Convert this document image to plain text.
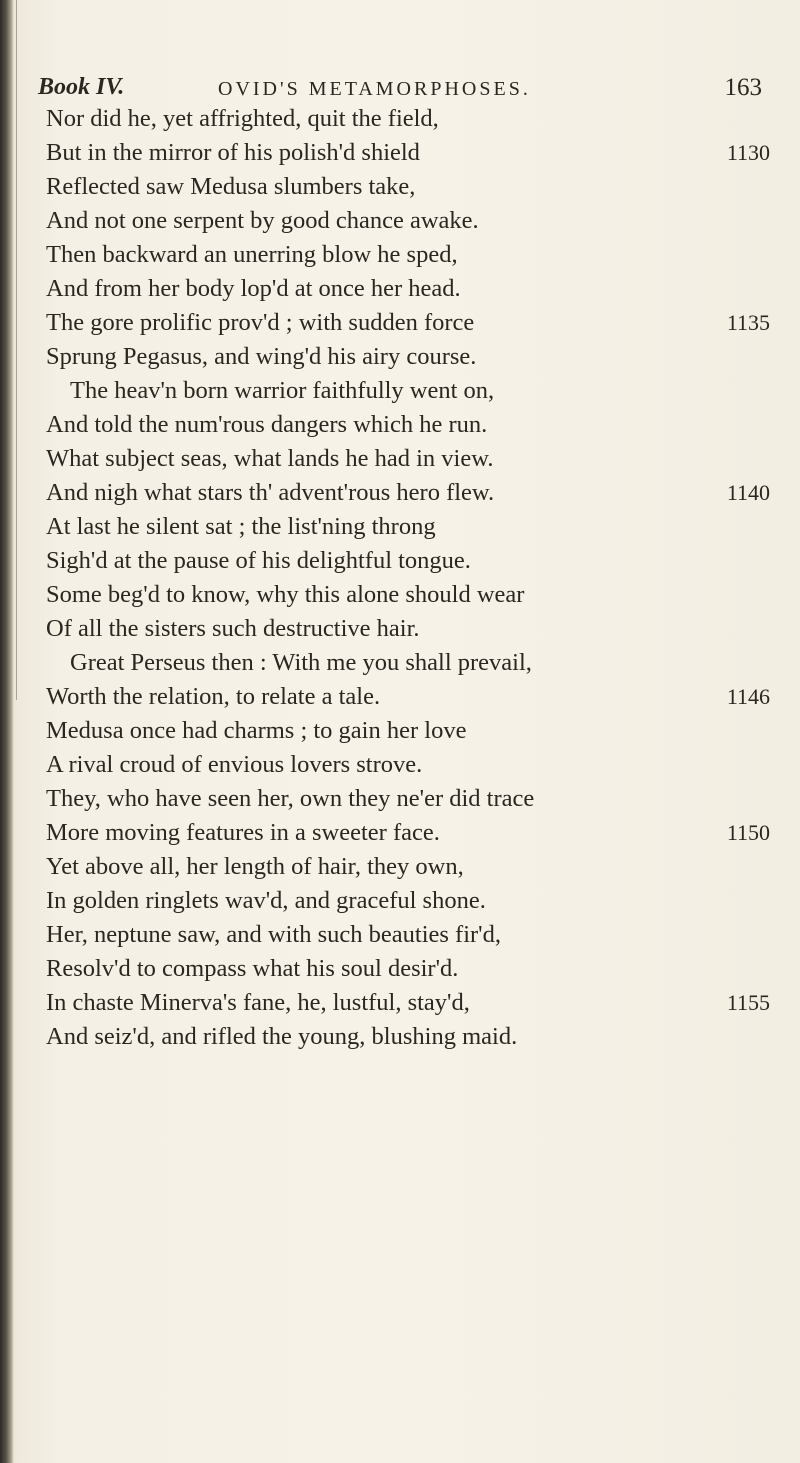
Book IV.	OVID'S METAMORPHOSES.	163
Nor did he, yet affrighted, quit the field,
But in the mirror of his polish'd shield	1130
Reflected saw Medusa slumbers take,
And not one serpent by good chance awake.
Then backward an unerring blow he sped,
And from her body lop'd at once her head.
The gore prolific prov'd ; with sudden force	1135
Sprung Pegasus, and wing'd his airy course.
The heav'n born warrior faithfully went on,
And told the num'rous dangers which he run.
What subject seas, what lands he had in view.
And nigh what stars th' advent'rous hero flew.	1140
At last he silent sat ; the list'ning throng
Sigh'd at the pause of his delightful tongue.
Some beg'd to know, why this alone should wear
Of all the sisters such destructive hair.
Great Perseus then : With me you shall prevail,
Worth the relation, to relate a tale.	1146
Medusa once had charms ; to gain her love
A rival croud of envious lovers strove.
They, who have seen her, own they ne'er did trace
More moving features in a sweeter face.	1150
Yet above all, her length of hair, they own,
In golden ringlets wav'd, and graceful shone.
Her, neptune saw, and with such beauties fir'd,
Resolv'd to compass what his soul desir'd.
In chaste Minerva's fane, he, lustful, stay'd,	1155
And seiz'd, and rifled the young, blushing maid.
